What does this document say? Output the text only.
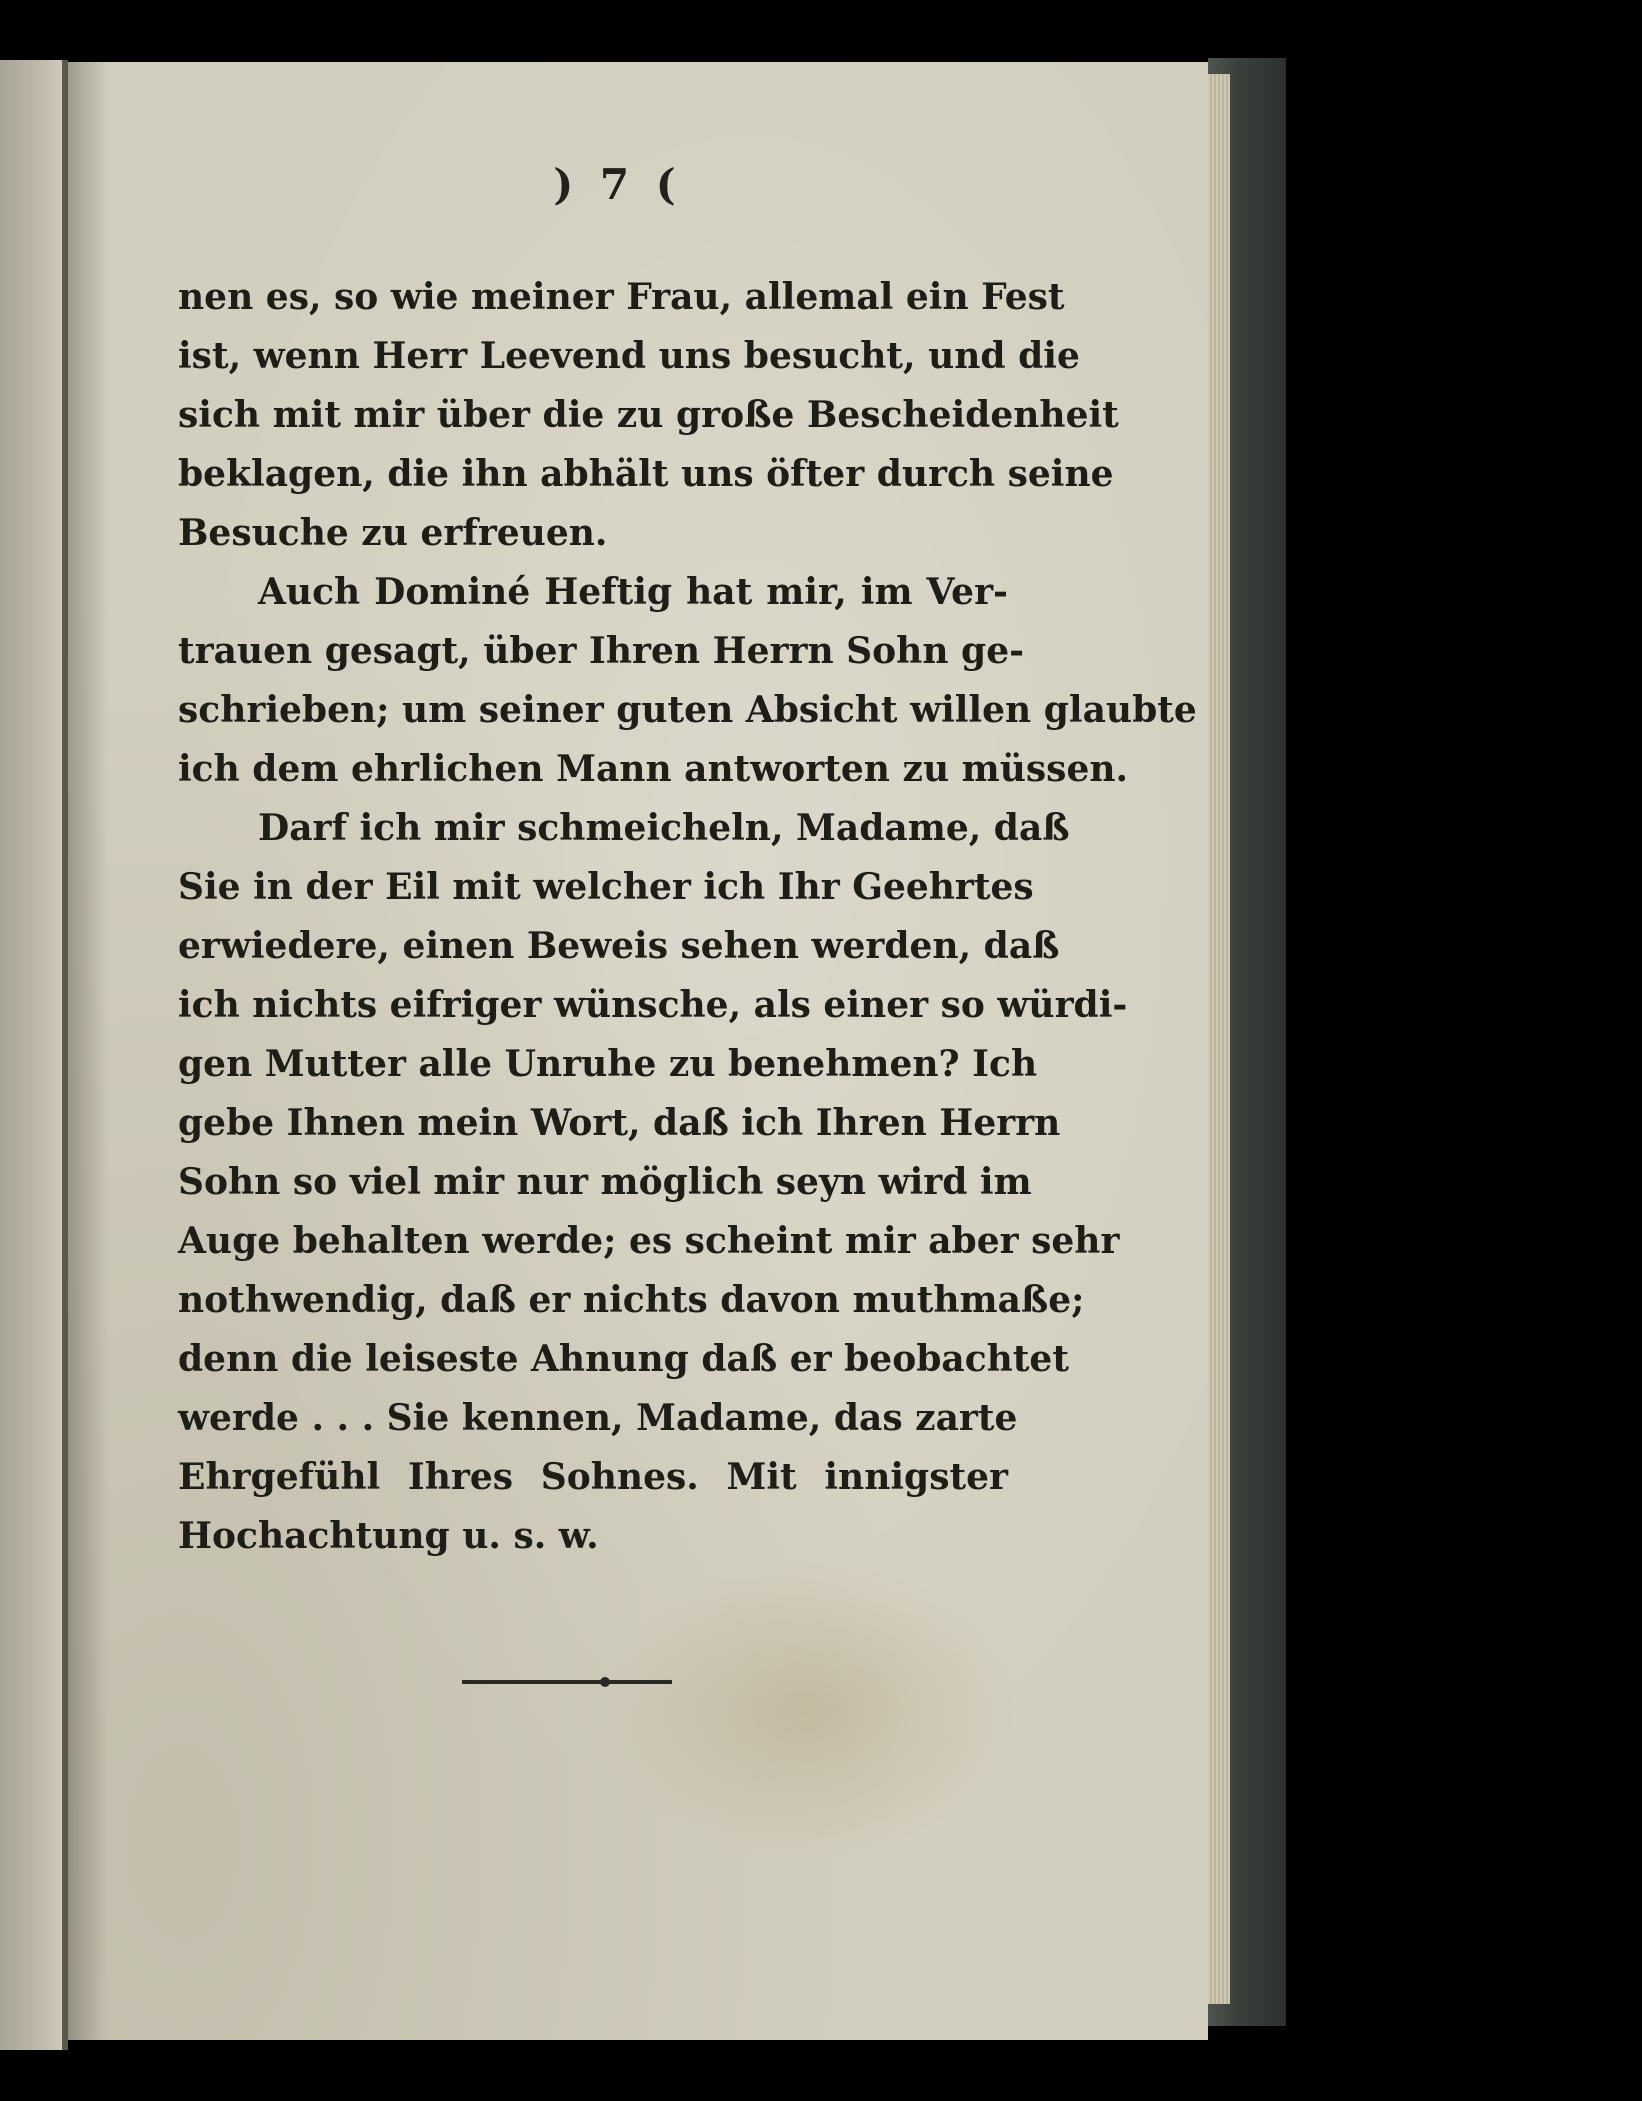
) 7 (
nen es, so wie meiner Frau, allemal ein Fest
ist, wenn Herr Leevend uns besucht, und die
sich mit mir über die zu große Bescheidenheit
beklagen, die ihn abhält uns öfter durch seine
Besuche zu erfreuen.
Auch Dominé Heftig hat mir, im Ver-
trauen gesagt, über Ihren Herrn Sohn ge-
schrieben; um seiner guten Absicht willen glaubte
ich dem ehrlichen Mann antworten zu müssen.
Darf ich mir schmeicheln, Madame, daß
Sie in der Eil mit welcher ich Ihr Geehrtes
erwiedere, einen Beweis sehen werden, daß
ich nichts eifriger wünsche, als einer so würdi-
gen Mutter alle Unruhe zu benehmen? Ich
gebe Ihnen mein Wort, daß ich Ihren Herrn
Sohn so viel mir nur möglich seyn wird im
Auge behalten werde; es scheint mir aber sehr
nothwendig, daß er nichts davon muthmaße;
denn die leiseste Ahnung daß er beobachtet
werde . . . Sie kennen, Madame, das zarte
Ehrgefühl Ihres Sohnes. Mit innigster
Hochachtung u. s. w.
